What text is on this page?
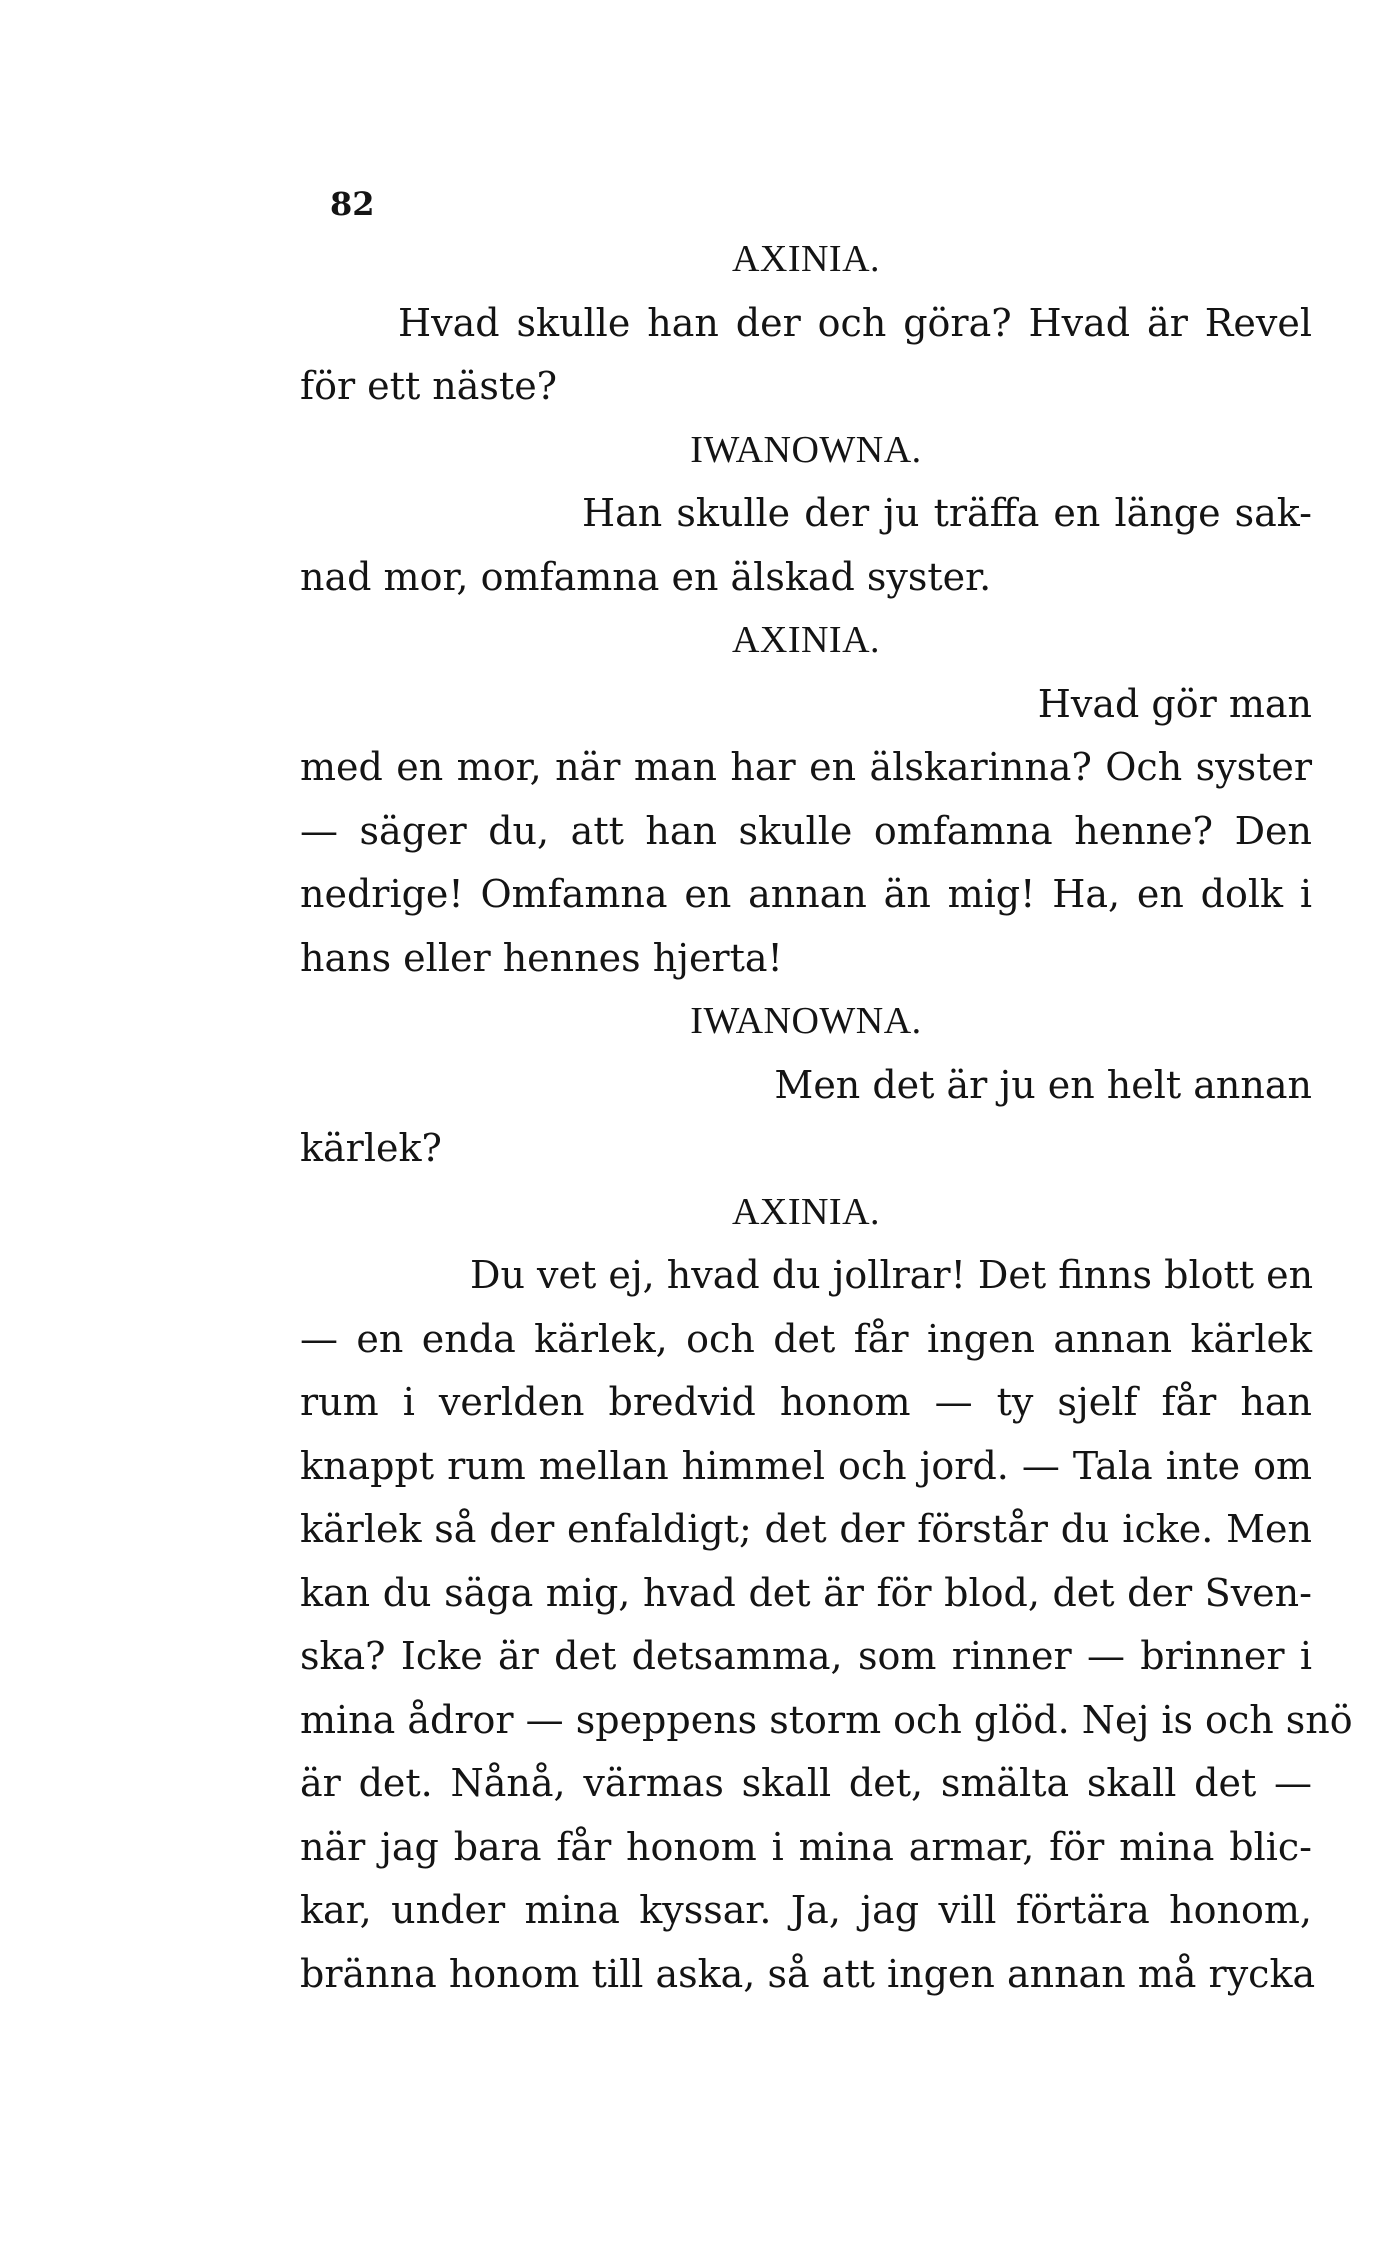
82
AXINIA.
Hvad skulle han der och göra? Hvad är Revel
för ett näste?
IWANOWNA.
Han skulle der ju träffa en länge sak-
nad mor, omfamna en älskad syster.
AXINIA.
Hvad gör man
med en mor, när man har en älskarinna? Och syster
— säger du, att han skulle omfamna henne? Den
nedrige! Omfamna en annan än mig! Ha, en dolk i
hans eller hennes hjerta!
IWANOWNA.
Men det är ju en helt annan
kärlek?
AXINIA.
Du vet ej, hvad du jollrar! Det finns blott en
— en enda kärlek, och det får ingen annan kärlek
rum i verlden bredvid honom — ty sjelf får han
knappt rum mellan himmel och jord. — Tala inte om
kärlek så der enfaldigt; det der förstår du icke. Men
kan du säga mig, hvad det är för blod, det der Sven-
ska? Icke är det detsamma, som rinner — brinner i
mina ådror — speppens storm och glöd. Nej is och snö
är det. Nånå, värmas skall det, smälta skall det —
när jag bara får honom i mina armar, för mina blic-
kar, under mina kyssar. Ja, jag vill förtära honom,
bränna honom till aska, så att ingen annan må rycka
